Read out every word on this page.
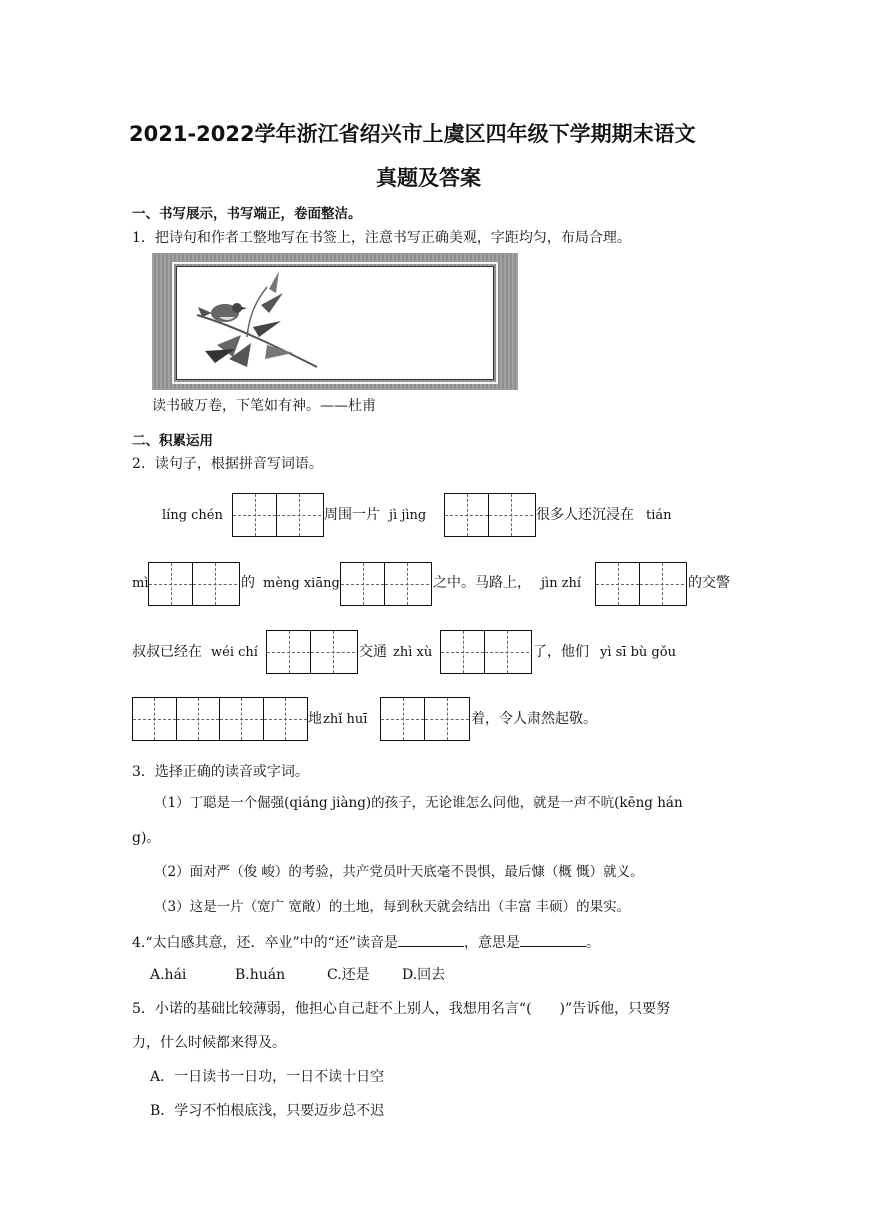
2021-2022学年浙江省绍兴市上虞区四年级下学期期末语文
真题及答案
一、书写展示，书写端正，卷面整洁。
1．把诗句和作者工整地写在书签上，注意书写正确美观，字距均匀，布局合理。
读书破万卷，下笔如有神。——杜甫
二、积累运用
2．读句子，根据拼音写词语。
líng chén	周围一片 jì jìng	很多人还沉浸在 tián
mì	的 mèng xiāng	之中。马路上， jìn zhí	的交警
叔叔已经在 wéi chí	交通 zhì xù	了，他们 yì sī bù gǒu
地 zhǐ huī	着，令人肃然起敬。
3．选择正确的读音或字词。
（1）丁聪是一个倔强(qiáng jiàng)的孩子，无论谁怎么问他，就是一声不吭(kēng hán
g)。
（2）面对严（俊 峻）的考验，共产党员叶天底毫不畏惧，最后慷（概 慨）就义。
（3）这是一片（宽广 宽敞）的土地，每到秋天就会结出（丰富 丰硕）的果实。
4.“太白感其意，还．卒业”中的“还”读音是	，意思是	。
A.hái	B.huán	C.还是 D.回去
5．小诺的基础比较薄弱，他担心自己赶不上别人，我想用名言“(　　)”告诉他，只要努
力，什么时候都来得及。
A．一日读书一日功，一日不读十日空
B．学习不怕根底浅，只要迈步总不迟
